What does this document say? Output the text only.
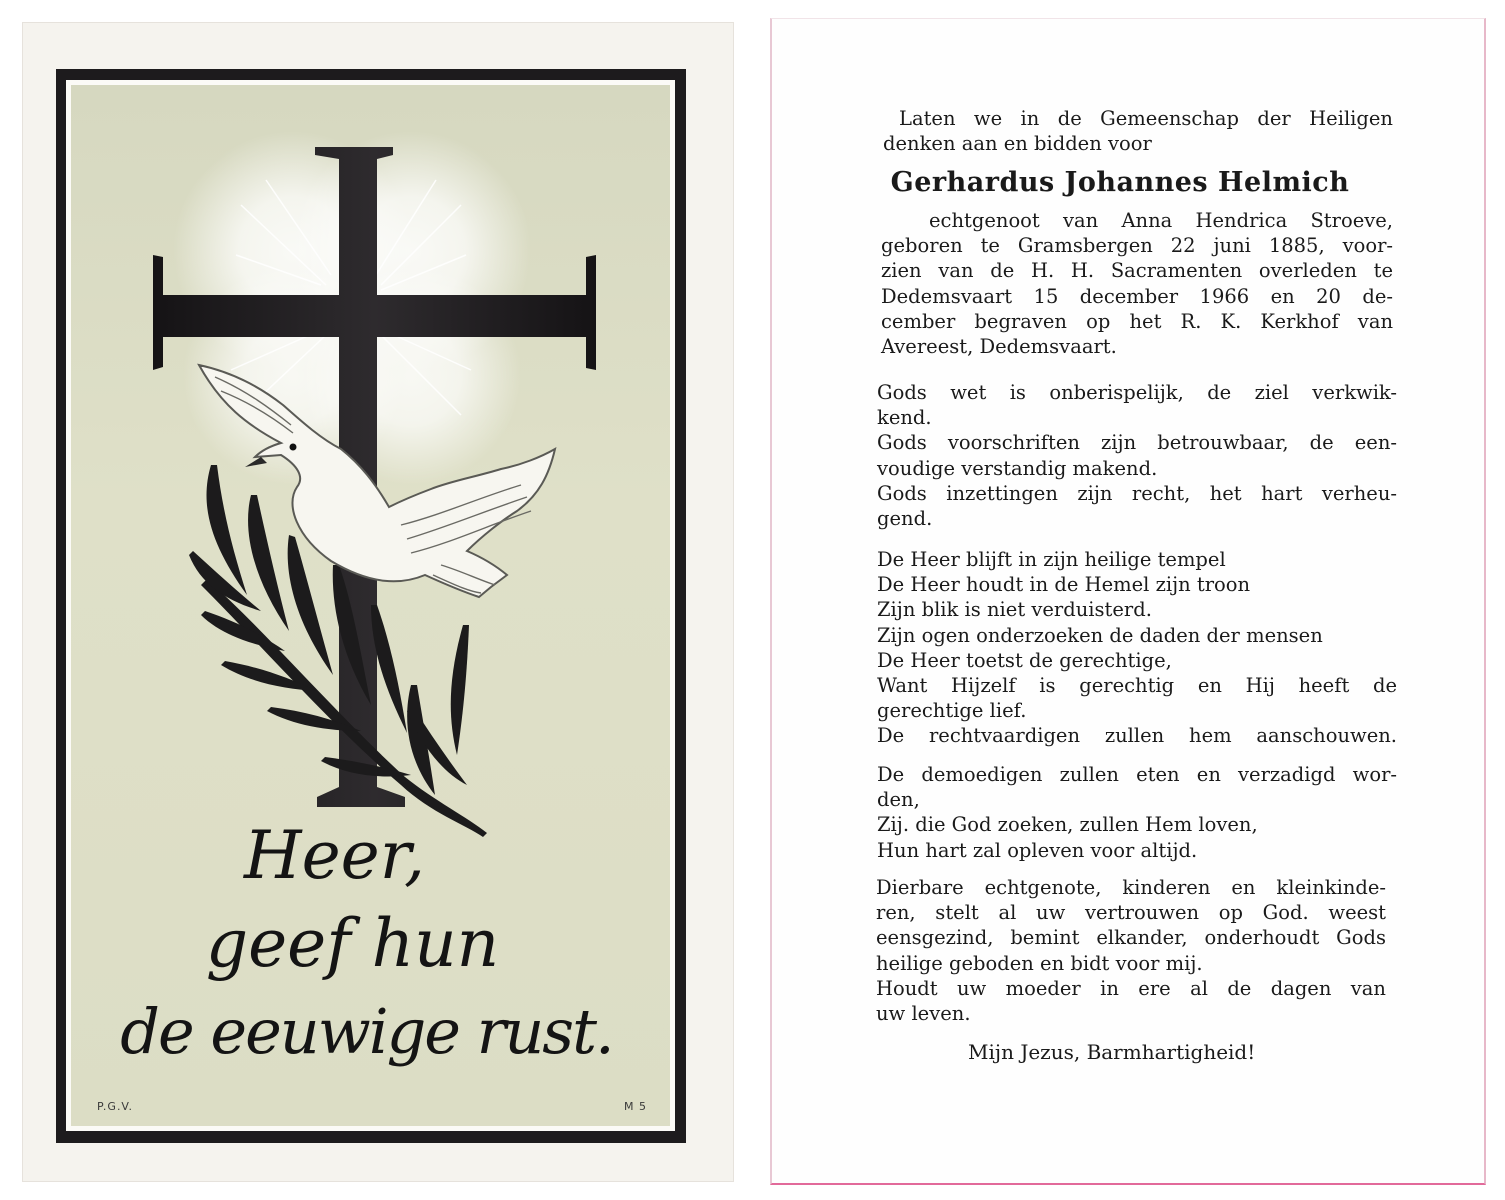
Heer,
geef hun
de eeuwige rust.
P.G.V.	M 5
Laten we in de Gemeenschap der Heiligen
denken aan en bidden voor
Gerhardus Johannes Helmich
echtgenoot van Anna Hendrica Stroeve,
geboren te Gramsbergen 22 juni 1885, voor-
zien van de H. H. Sacramenten overleden te
Dedemsvaart 15 december 1966 en 20 de-
cember begraven op het R. K. Kerkhof van
Avereest, Dedemsvaart.
Gods wet is onberispelijk, de ziel verkwik-
kend.
Gods voorschriften zijn betrouwbaar, de een-
voudige verstandig makend.
Gods inzettingen zijn recht, het hart verheu-
gend.
De Heer blijft in zijn heilige tempel
De Heer houdt in de Hemel zijn troon
Zijn blik is niet verduisterd.
Zijn ogen onderzoeken de daden der mensen
De Heer toetst de gerechtige,
Want Hijzelf is gerechtig en Hij heeft de
gerechtige lief.
De rechtvaardigen zullen hem aanschouwen.
De demoedigen zullen eten en verzadigd wor-
den,
Zij. die God zoeken, zullen Hem loven,
Hun hart zal opleven voor altijd.
Dierbare echtgenote, kinderen en kleinkinde-
ren, stelt al uw vertrouwen op God. weest
eensgezind, bemint elkander, onderhoudt Gods
heilige geboden en bidt voor mij.
Houdt uw moeder in ere al de dagen van
uw leven.
Mijn Jezus, Barmhartigheid!
